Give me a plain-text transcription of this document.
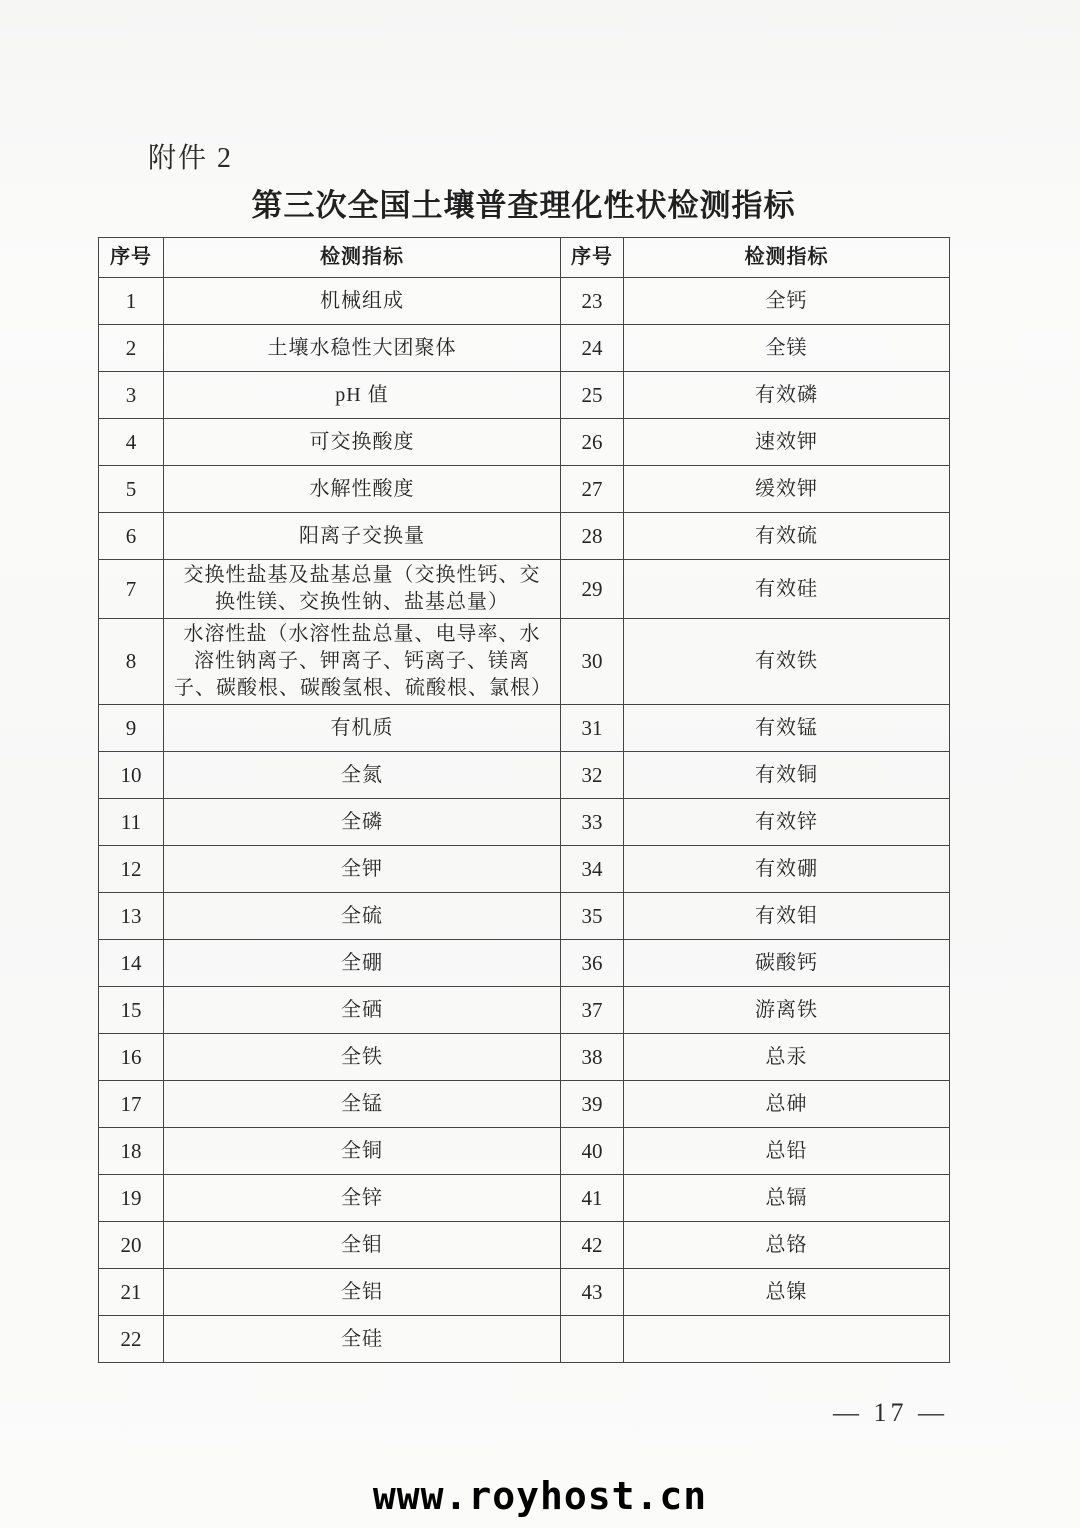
附件 2
第三次全国土壤普查理化性状检测指标
序号	检测指标	序号	检测指标
1	机械组成	23	全钙
2	土壤水稳性大团聚体	24	全镁
3	pH 值	25	有效磷
4	可交换酸度	26	速效钾
5	水解性酸度	27	缓效钾
6	阳离子交换量	28	有效硫
7	交换性盐基及盐基总量（交换性钙、交换性镁、交换性钠、盐基总量）	29	有效硅
8	水溶性盐（水溶性盐总量、电导率、水溶性钠离子、钾离子、钙离子、镁离子、碳酸根、碳酸氢根、硫酸根、氯根）	30	有效铁
9	有机质	31	有效锰
10	全氮	32	有效铜
11	全磷	33	有效锌
12	全钾	34	有效硼
13	全硫	35	有效钼
14	全硼	36	碳酸钙
15	全硒	37	游离铁
16	全铁	38	总汞
17	全锰	39	总砷
18	全铜	40	总铅
19	全锌	41	总镉
20	全钼	42	总铬
21	全铝	43	总镍
22	全硅		
— 17 —
www.royhost.cn
